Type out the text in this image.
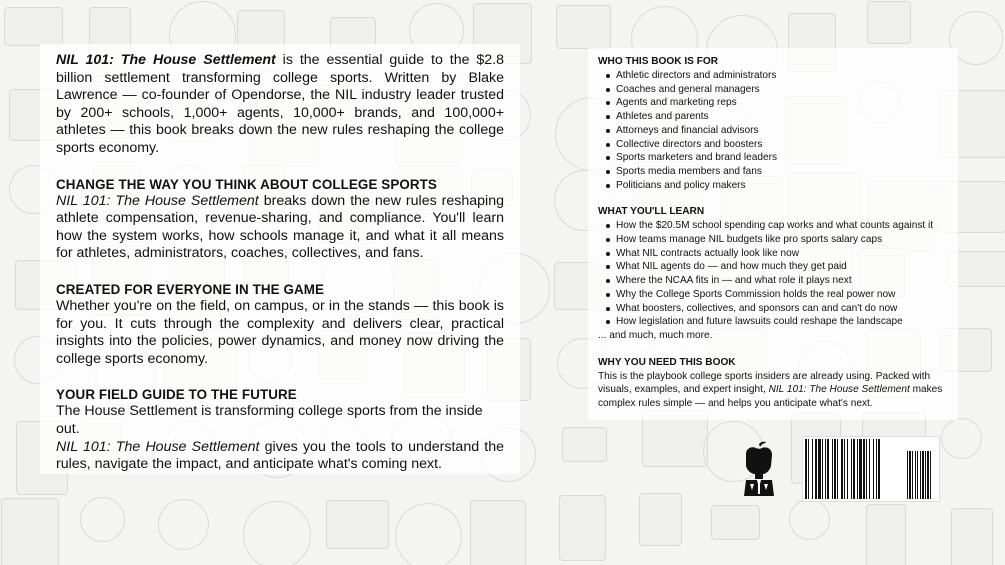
NIL 101: The House Settlement is the essential guide to the $2.8 billion settlement transforming college sports. Written by Blake Lawrence — co-founder of Opendorse, the NIL industry leader trusted by 200+ schools, 1,000+ agents, 10,000+ brands, and 100,000+ athletes — this book breaks down the new rules reshaping the college sports economy.

CHANGE THE WAY YOU THINK ABOUT COLLEGE SPORTS

NIL 101: The House Settlement breaks down the new rules reshaping athlete compensation, revenue-sharing, and compliance. You'll learn how the system works, how schools manage it, and what it all means for athletes, administrators, coaches, collectives, and fans.

CREATED FOR EVERYONE IN THE GAME

Whether you're on the field, on campus, or in the stands — this book is for you. It cuts through the complexity and delivers clear, practical insights into the policies, power dynamics, and money now driving the college sports economy.

YOUR FIELD GUIDE TO THE FUTURE

The House Settlement is transforming college sports from the inside out.

NIL 101: The House Settlement gives you the tools to understand the rules, navigate the impact, and anticipate what's coming next.

WHO THIS BOOK IS FOR
Athletic directors and administrators
Coaches and general managers
Agents and marketing reps
Athletes and parents
Attorneys and financial advisors
Collective directors and boosters
Sports marketers and brand leaders
Sports media members and fans
Politicians and policy makers
WHAT YOU'LL LEARN
How the $20.5M school spending cap works and what counts against it
How teams manage NIL budgets like pro sports salary caps
What NIL contracts actually look like now
What NIL agents do — and how much they get paid
Where the NCAA fits in — and what role it plays next
Why the College Sports Commission holds the real power now
What boosters, collectives, and sponsors can and can't do now
How legislation and future lawsuits could reshape the landscape

... and much, much more.

WHY YOU NEED THIS BOOK

This is the playbook college sports insiders are already using. Packed with visuals, examples, and expert insight, NIL 101: The House Settlement makes complex rules simple — and helps you anticipate what's next.
